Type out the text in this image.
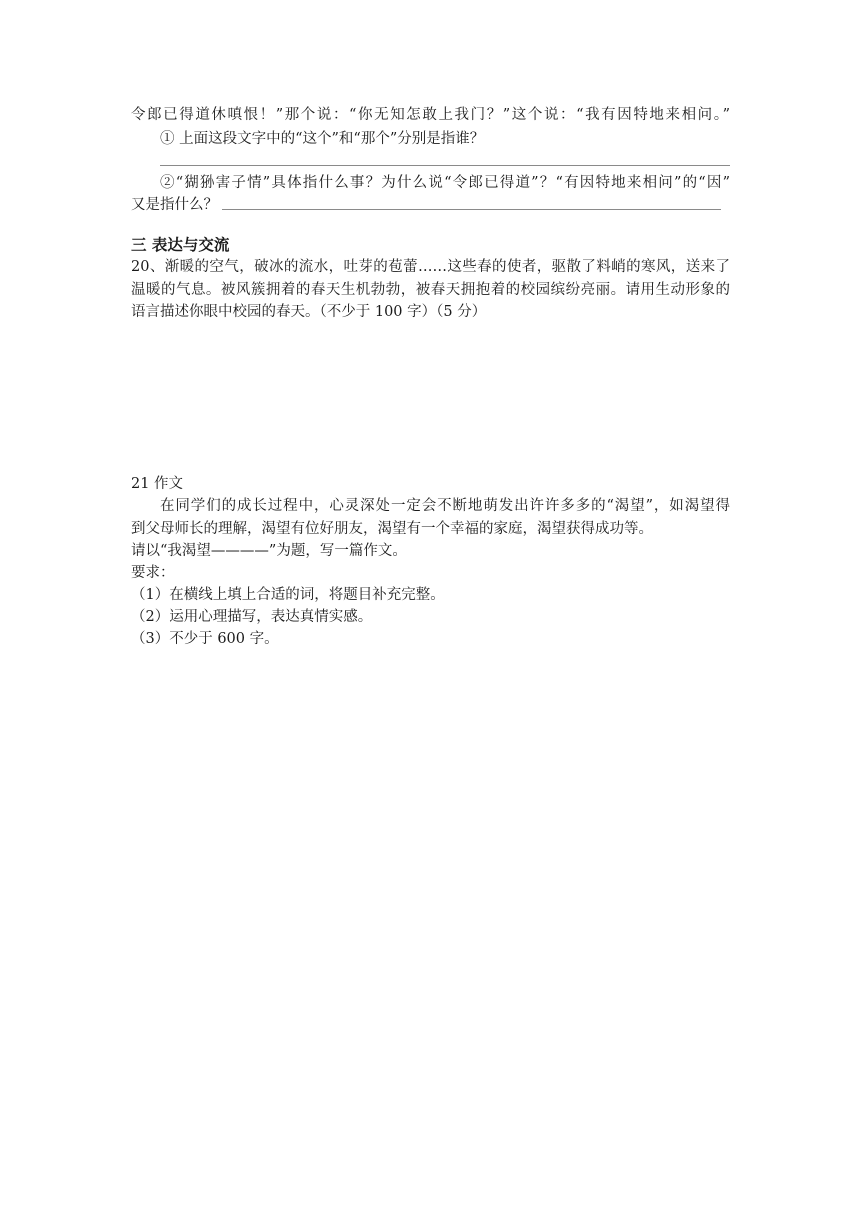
令郎已得道休嗔恨！”那个说：“你无知怎敢上我门？”这个说：“我有因特地来相问。”
① 上面这段文字中的“这个”和“那个”分别是指谁？
②“猢狲害子情”具体指什么事？为什么说“令郎已得道”？“有因特地来相问”的“因”
又是指什么？
三 表达与交流
20、渐暖的空气，破冰的流水，吐芽的苞蕾……这些春的使者，驱散了料峭的寒风，送来了
温暖的气息。被风簇拥着的春天生机勃勃，被春天拥抱着的校园缤纷亮丽。请用生动形象的
语言描述你眼中校园的春天。（不少于 100 字）（5 分）
21 作文
在同学们的成长过程中，心灵深处一定会不断地萌发出许许多多的“渴望”，如渴望得
到父母师长的理解，渴望有位好朋友，渴望有一个幸福的家庭，渴望获得成功等。
请以“我渴望————”为题，写一篇作文。
要求：
（1）在横线上填上合适的词，将题目补充完整。
（2）运用心理描写，表达真情实感。
（3）不少于 600 字。
